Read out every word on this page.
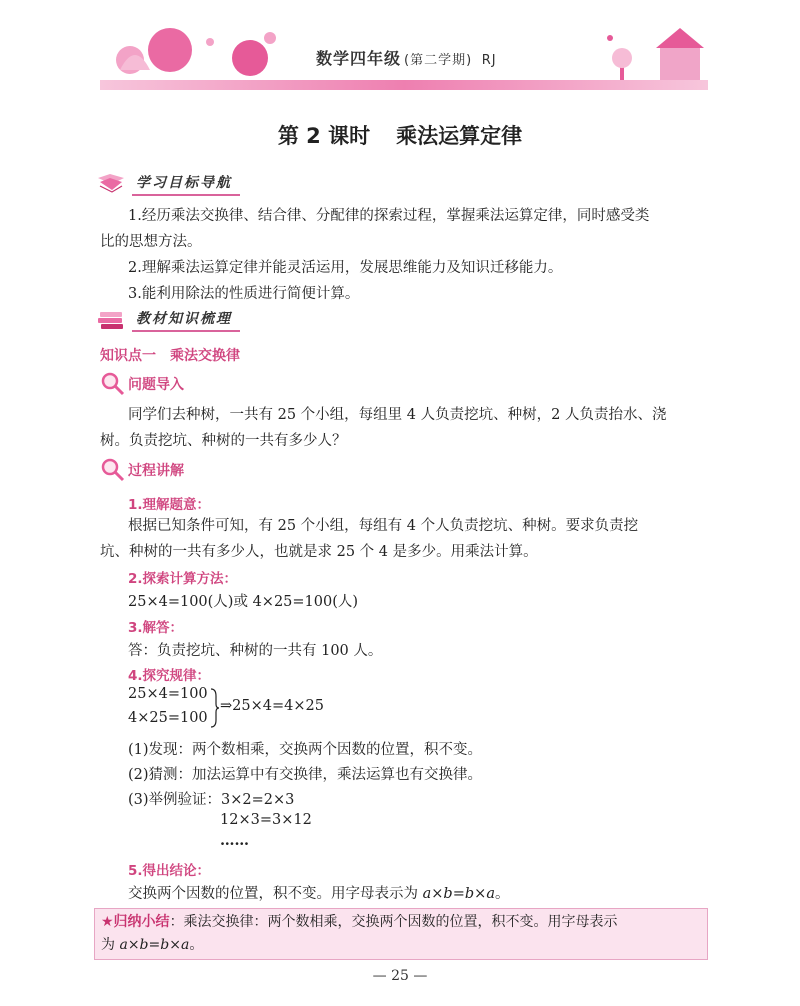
数学四年级 (第二学期) RJ
第 2 课时 乘法运算定律
学习目标导航
1.经历乘法交换律、结合律、分配律的探索过程，掌握乘法运算定律，同时感受类
比的思想方法。
2.理解乘法运算定律并能灵活运用，发展思维能力及知识迁移能力。
3.能利用除法的性质进行简便计算。
教材知识梳理
知识点一　乘法交换律
问题导入
同学们去种树，一共有 25 个小组，每组里 4 人负责挖坑、种树，2 人负责抬水、浇
树。负责挖坑、种树的一共有多少人？
过程讲解
1.理解题意：
根据已知条件可知，有 25 个小组，每组有 4 个人负责挖坑、种树。要求负责挖
坑、种树的一共有多少人，也就是求 25 个 4 是多少。用乘法计算。
2.探索计算方法：
25×4=100(人)或 4×25=100(人)
3.解答：
答：负责挖坑、种树的一共有 100 人。
4.探究规律：
25×4=100
4×25=100
⇒25×4=4×25
(1)发现：两个数相乘，交换两个因数的位置，积不变。
(2)猜测：加法运算中有交换律，乘法运算也有交换律。
(3)举例验证：3×2=2×3
12×3=3×12
……
5.得出结论：
交换两个因数的位置，积不变。用字母表示为 a×b=b×a。
★归纳小结：乘法交换律：两个数相乘，交换两个因数的位置，积不变。用字母表示
为 a×b=b×a。
— 25 —
